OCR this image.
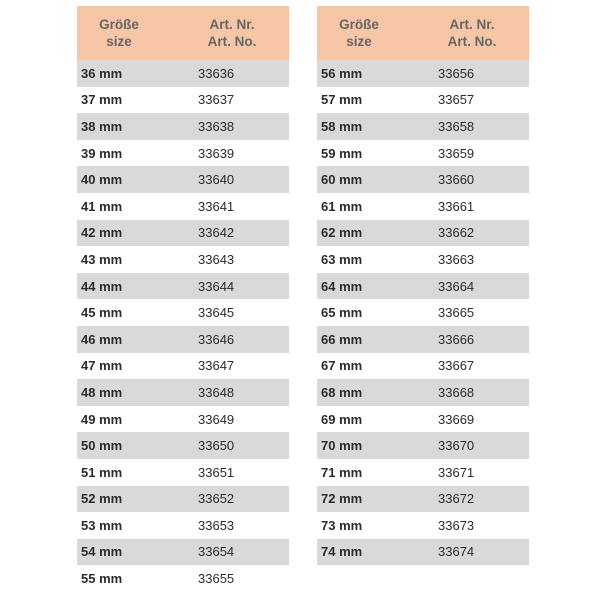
Größe
size
Art. Nr.
Art. No.
36 mm	33636
37 mm	33637
38 mm	33638
39 mm	33639
40 mm	33640
41 mm	33641
42 mm	33642
43 mm	33643
44 mm	33644
45 mm	33645
46 mm	33646
47 mm	33647
48 mm	33648
49 mm	33649
50 mm	33650
51 mm	33651
52 mm	33652
53 mm	33653
54 mm	33654
55 mm	33655
Größe
size
Art. Nr.
Art. No.
56 mm	33656
57 mm	33657
58 mm	33658
59 mm	33659
60 mm	33660
61 mm	33661
62 mm	33662
63 mm	33663
64 mm	33664
65 mm	33665
66 mm	33666
67 mm	33667
68 mm	33668
69 mm	33669
70 mm	33670
71 mm	33671
72 mm	33672
73 mm	33673
74 mm	33674
